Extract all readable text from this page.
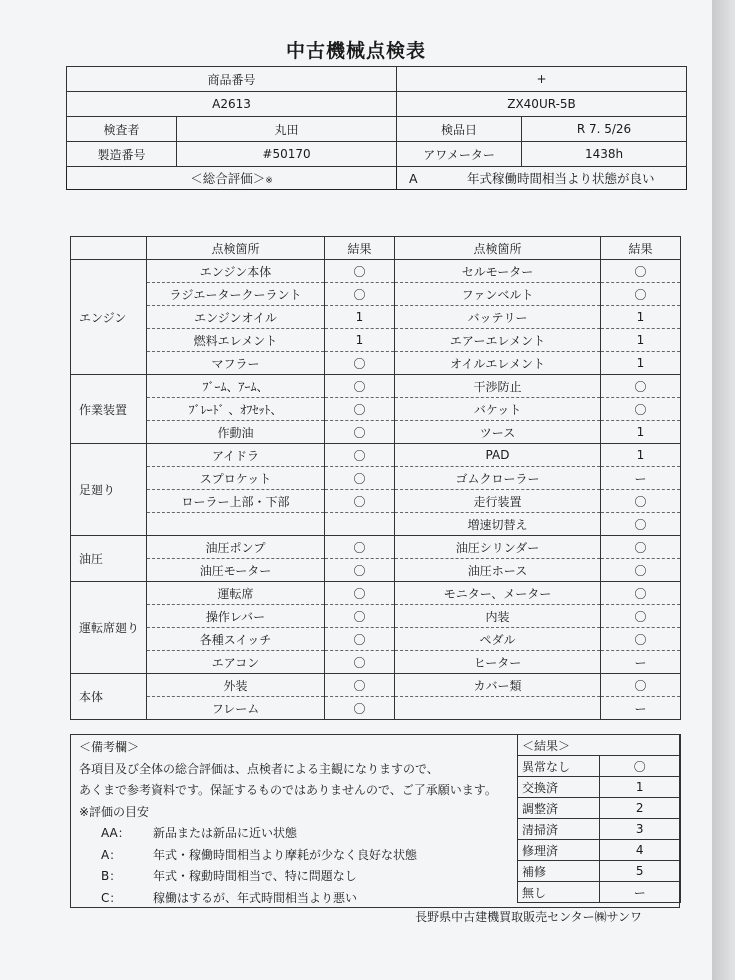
中古機械点検表
商品番号		+	
A2613		ZX40UR-5B	
検査者	丸田	検品日	R 7. 5/26
製造番号	#50170	アワメーター	1438h
＜総合評価＞※		A 年式稼働時間相当より状態が良い	
	点検箇所	結果	点検箇所	結果
エンジン	エンジン本体	〇	セルモーター	〇
	ラジエータークーラント	〇	ファンベルト	〇
	エンジンオイル	1	バッテリー	1
	燃料エレメント	1	エアーエレメント	1
	マフラー	〇	オイルエレメント	1
作業装置	ﾌﾞｰﾑ、ｱｰﾑ、	〇	干渉防止	〇
	ﾌﾞﾚｰﾄﾞ 、ｵﾌｾｯﾄ、	〇	バケット	〇
	作動油	〇	ツース	1
足廻り	アイドラ	〇	PAD	1
	スプロケット	〇	ゴムクローラー	ー
	ローラー上部・下部	〇	走行装置	〇
			増速切替え	〇
油圧	油圧ポンプ	〇	油圧シリンダー	〇
	油圧モーター	〇	油圧ホース	〇
運転席廻り	運転席	〇	モニター、メーター	〇
	操作レバー	〇	内装	〇
	各種スイッチ	〇	ペダル	〇
	エアコン	〇	ヒーター	ー
本体	外装	〇	カバー類	〇
	フレーム	〇		ー
＜備考欄＞
各項目及び全体の総合評価は、点検者による主観になりますので、
あくまで参考資料です。保証するものではありませんので、ご了承願います。
※評価の目安
AA： 新品または新品に近い状態
A：	年式・稼働時間相当より摩耗が少なく良好な状態
B：	年式・稼動時間相当で、特に問題なし
C：	稼働はするが、年式時間相当より悪い
＜結果＞	
異常なし	〇
交換済	1
調整済	2
清掃済	3
修理済	4
補修	5
無し	ー
長野県中古建機買取販売センター㈱サンワ
